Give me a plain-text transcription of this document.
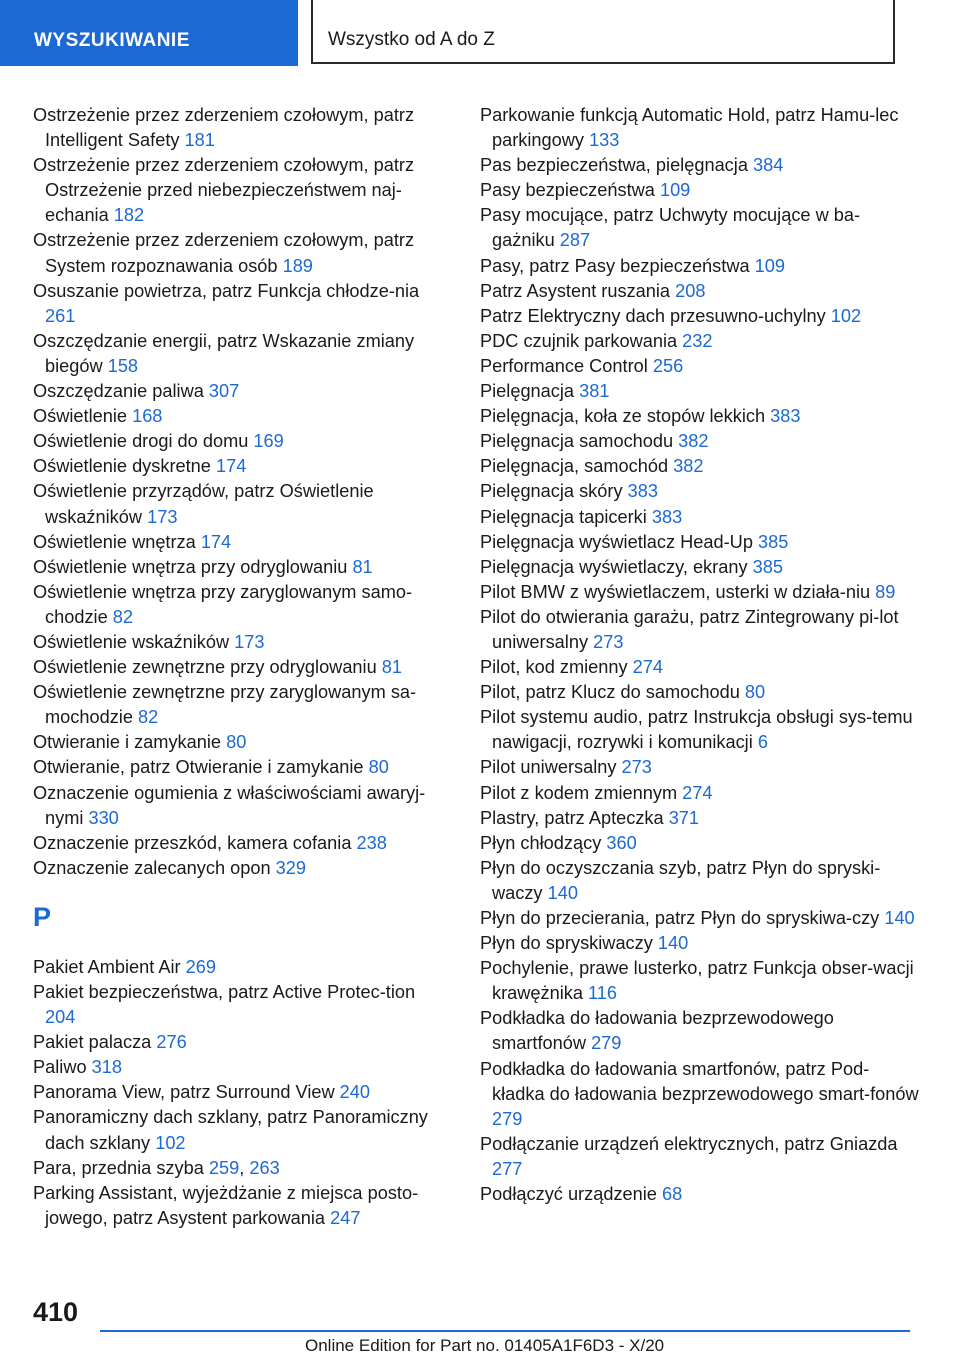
WYSZUKIWANIE	Wszystko od A do Z
Ostrzeżenie przez zderzeniem czołowym, patrz Intelligent Safety 181
Ostrzeżenie przez zderzeniem czołowym, patrz Ostrzeżenie przed niebezpieczeństwem naj-echania 182
Ostrzeżenie przez zderzeniem czołowym, patrz System rozpoznawania osób 189
Osuszanie powietrza, patrz Funkcja chłodze-nia 261
Oszczędzanie energii, patrz Wskazanie zmiany biegów 158
Oszczędzanie paliwa 307
Oświetlenie 168
Oświetlenie drogi do domu 169
Oświetlenie dyskretne 174
Oświetlenie przyrządów, patrz Oświetlenie wskaźników 173
Oświetlenie wnętrza 174
Oświetlenie wnętrza przy odryglowaniu 81
Oświetlenie wnętrza przy zaryglowanym samo-chodzie 82
Oświetlenie wskaźników 173
Oświetlenie zewnętrzne przy odryglowaniu 81
Oświetlenie zewnętrzne przy zaryglowanym sa-mochodzie 82
Otwieranie i zamykanie 80
Otwieranie, patrz Otwieranie i zamykanie 80
Oznaczenie ogumienia z właściwościami awaryj-nymi 330
Oznaczenie przeszkód, kamera cofania 238
Oznaczenie zalecanych opon 329
P
Pakiet Ambient Air 269
Pakiet bezpieczeństwa, patrz Active Protec-tion 204
Pakiet palacza 276
Paliwo 318
Panorama View, patrz Surround View 240
Panoramiczny dach szklany, patrz Panoramiczny dach szklany 102
Para, przednia szyba 259, 263
Parking Assistant, wyjeżdżanie z miejsca posto-jowego, patrz Asystent parkowania 247
Parkowanie funkcją Automatic Hold, patrz Hamu-lec parkingowy 133
Pas bezpieczeństwa, pielęgnacja 384
Pasy bezpieczeństwa 109
Pasy mocujące, patrz Uchwyty mocujące w ba-gażniku 287
Pasy, patrz Pasy bezpieczeństwa 109
Patrz Asystent ruszania 208
Patrz Elektryczny dach przesuwno-uchylny 102
PDC czujnik parkowania 232
Performance Control 256
Pielęgnacja 381
Pielęgnacja, koła ze stopów lekkich 383
Pielęgnacja samochodu 382
Pielęgnacja, samochód 382
Pielęgnacja skóry 383
Pielęgnacja tapicerki 383
Pielęgnacja wyświetlacz Head-Up 385
Pielęgnacja wyświetlaczy, ekrany 385
Pilot BMW z wyświetlaczem, usterki w działa-niu 89
Pilot do otwierania garażu, patrz Zintegrowany pi-lot uniwersalny 273
Pilot, kod zmienny 274
Pilot, patrz Klucz do samochodu 80
Pilot systemu audio, patrz Instrukcja obsługi sys-temu nawigacji, rozrywki i komunikacji 6
Pilot uniwersalny 273
Pilot z kodem zmiennym 274
Plastry, patrz Apteczka 371
Płyn chłodzący 360
Płyn do oczyszczania szyb, patrz Płyn do spryski-waczy 140
Płyn do przecierania, patrz Płyn do spryskiwa-czy 140
Płyn do spryskiwaczy 140
Pochylenie, prawe lusterko, patrz Funkcja obser-wacji krawężnika 116
Podkładka do ładowania bezprzewodowego smartfonów 279
Podkładka do ładowania smartfonów, patrz Pod-kładka do ładowania bezprzewodowego smart-fonów 279
Podłączanie urządzeń elektrycznych, patrz Gniazda 277
Podłączyć urządzenie 68
410
Online Edition for Part no. 01405A1F6D3 - X/20
